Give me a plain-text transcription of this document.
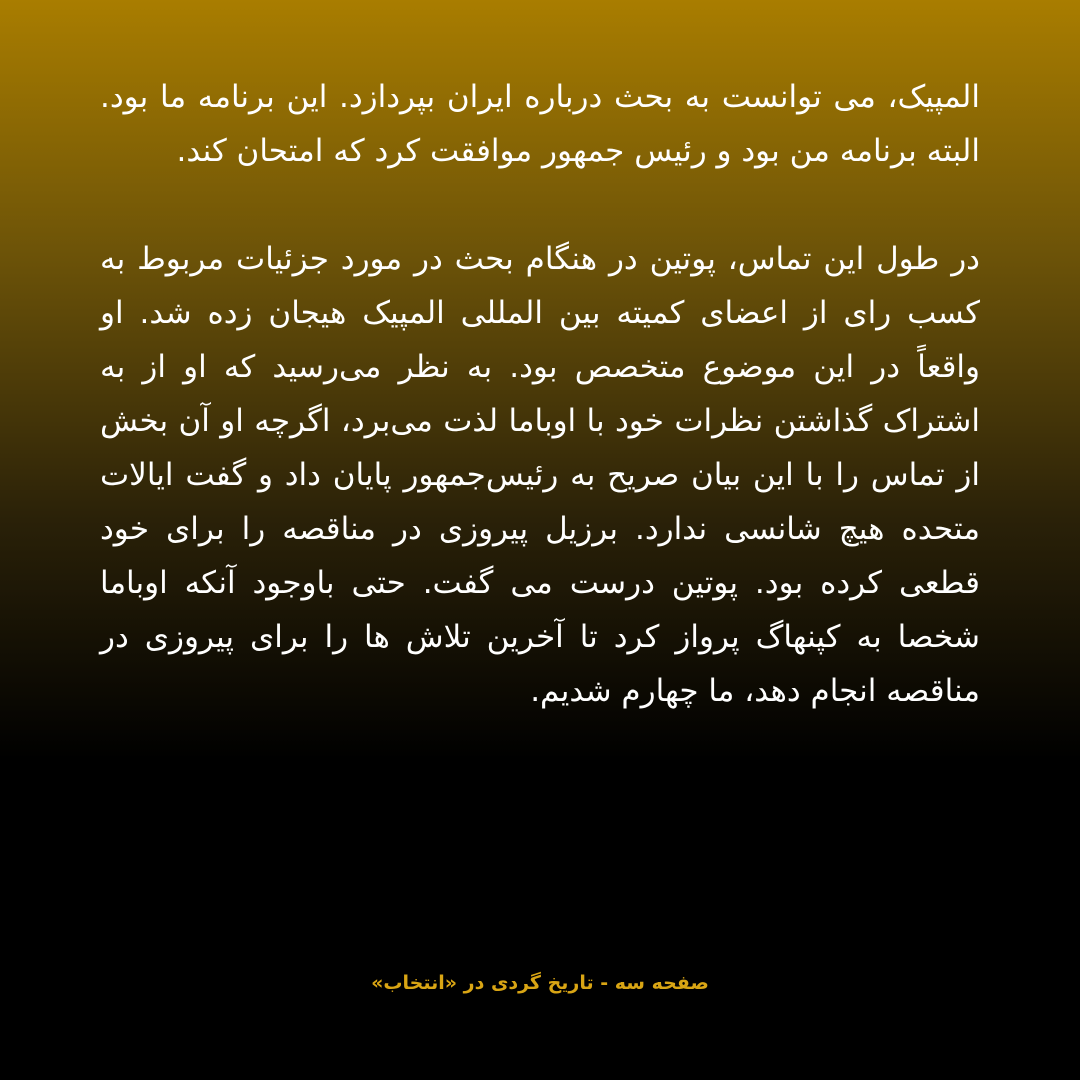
المپیک، می توانست به بحث درباره ایران بپردازد. این برنامه ما بود. البته برنامه من بود و رئیس جمهور موافقت کرد که امتحان کند.

در طول این تماس، پوتین در هنگام بحث در مورد جزئیات مربوط به کسب رای از اعضای کمیته بین المللی المپیک هیجان زده شد. او واقعاً در این موضوع متخصص بود. به نظر می‌رسید که او از به اشتراک گذاشتن نظرات خود با اوباما لذت می‌برد، اگرچه او آن بخش از تماس را با این بیان صریح به رئیس‌جمهور پایان داد و گفت ایالات متحده هیچ شانسی ندارد. برزیل پیروزی در مناقصه را برای خود قطعی کرده بود. پوتین درست می گفت. حتی باوجود آنکه اوباما شخصا به کپنهاگ پرواز کرد تا آخرین تلاش ها را برای پیروزی در مناقصه انجام دهد، ما چهارم شدیم.

صفحه سه - تاریخ گردی در «انتخاب»
